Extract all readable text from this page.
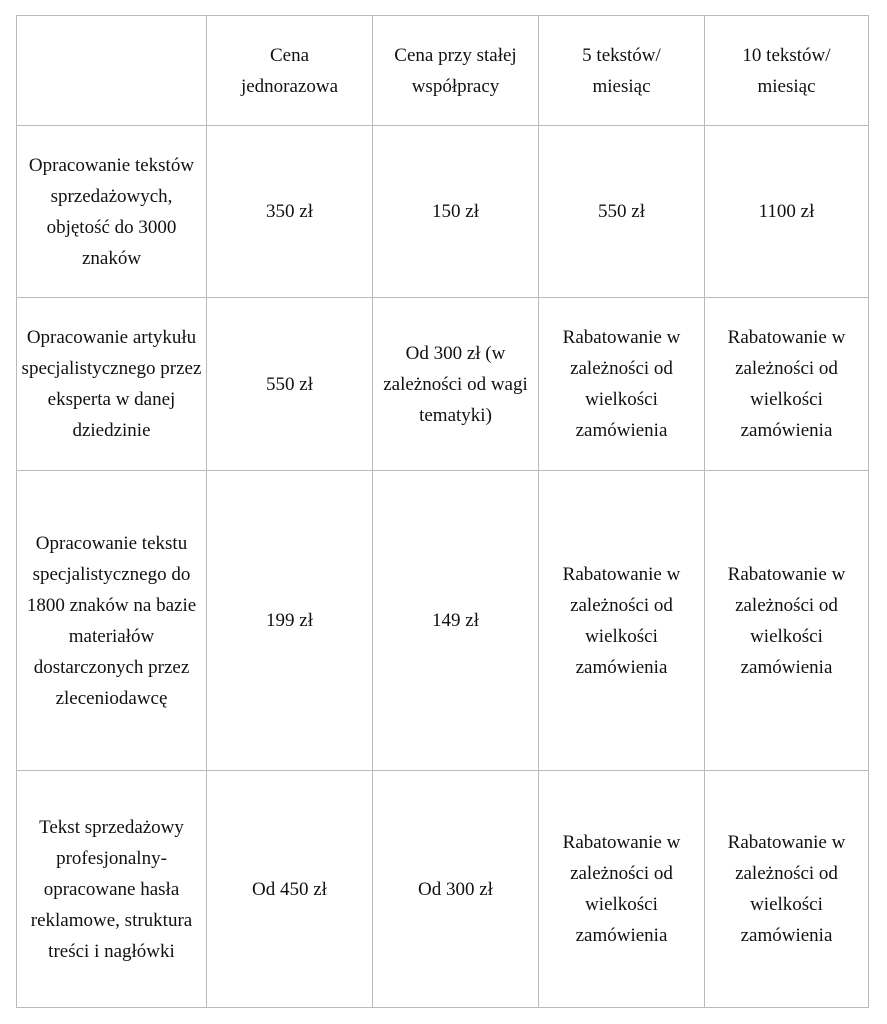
	Cena jednorazowa	Cena przy stałej współpracy	5 tekstów/ miesiąc	10 tekstów/ miesiąc
Opracowanie tekstów sprzedażowych, objętość do 3000 znaków	350 zł	150 zł	550 zł	1100 zł
Opracowanie artykułu specjalistycznego przez eksperta w danej dziedzinie	550 zł	Od 300 zł (w zależności od wagi tematyki)	Rabatowanie w zależności od wielkości zamówienia	Rabatowanie w zależności od wielkości zamówienia
Opracowanie tekstu specjalistycznego do 1800 znaków na bazie materiałów dostarczonych przez zleceniodawcę	199 zł	149 zł	Rabatowanie w zależności od wielkości zamówienia	Rabatowanie w zależności od wielkości zamówienia
Tekst sprzedażowy profesjonalny-opracowane hasła reklamowe, struktura treści i nagłówki	Od 450 zł	Od 300 zł	Rabatowanie w zależności od wielkości zamówienia	Rabatowanie w zależności od wielkości zamówienia
